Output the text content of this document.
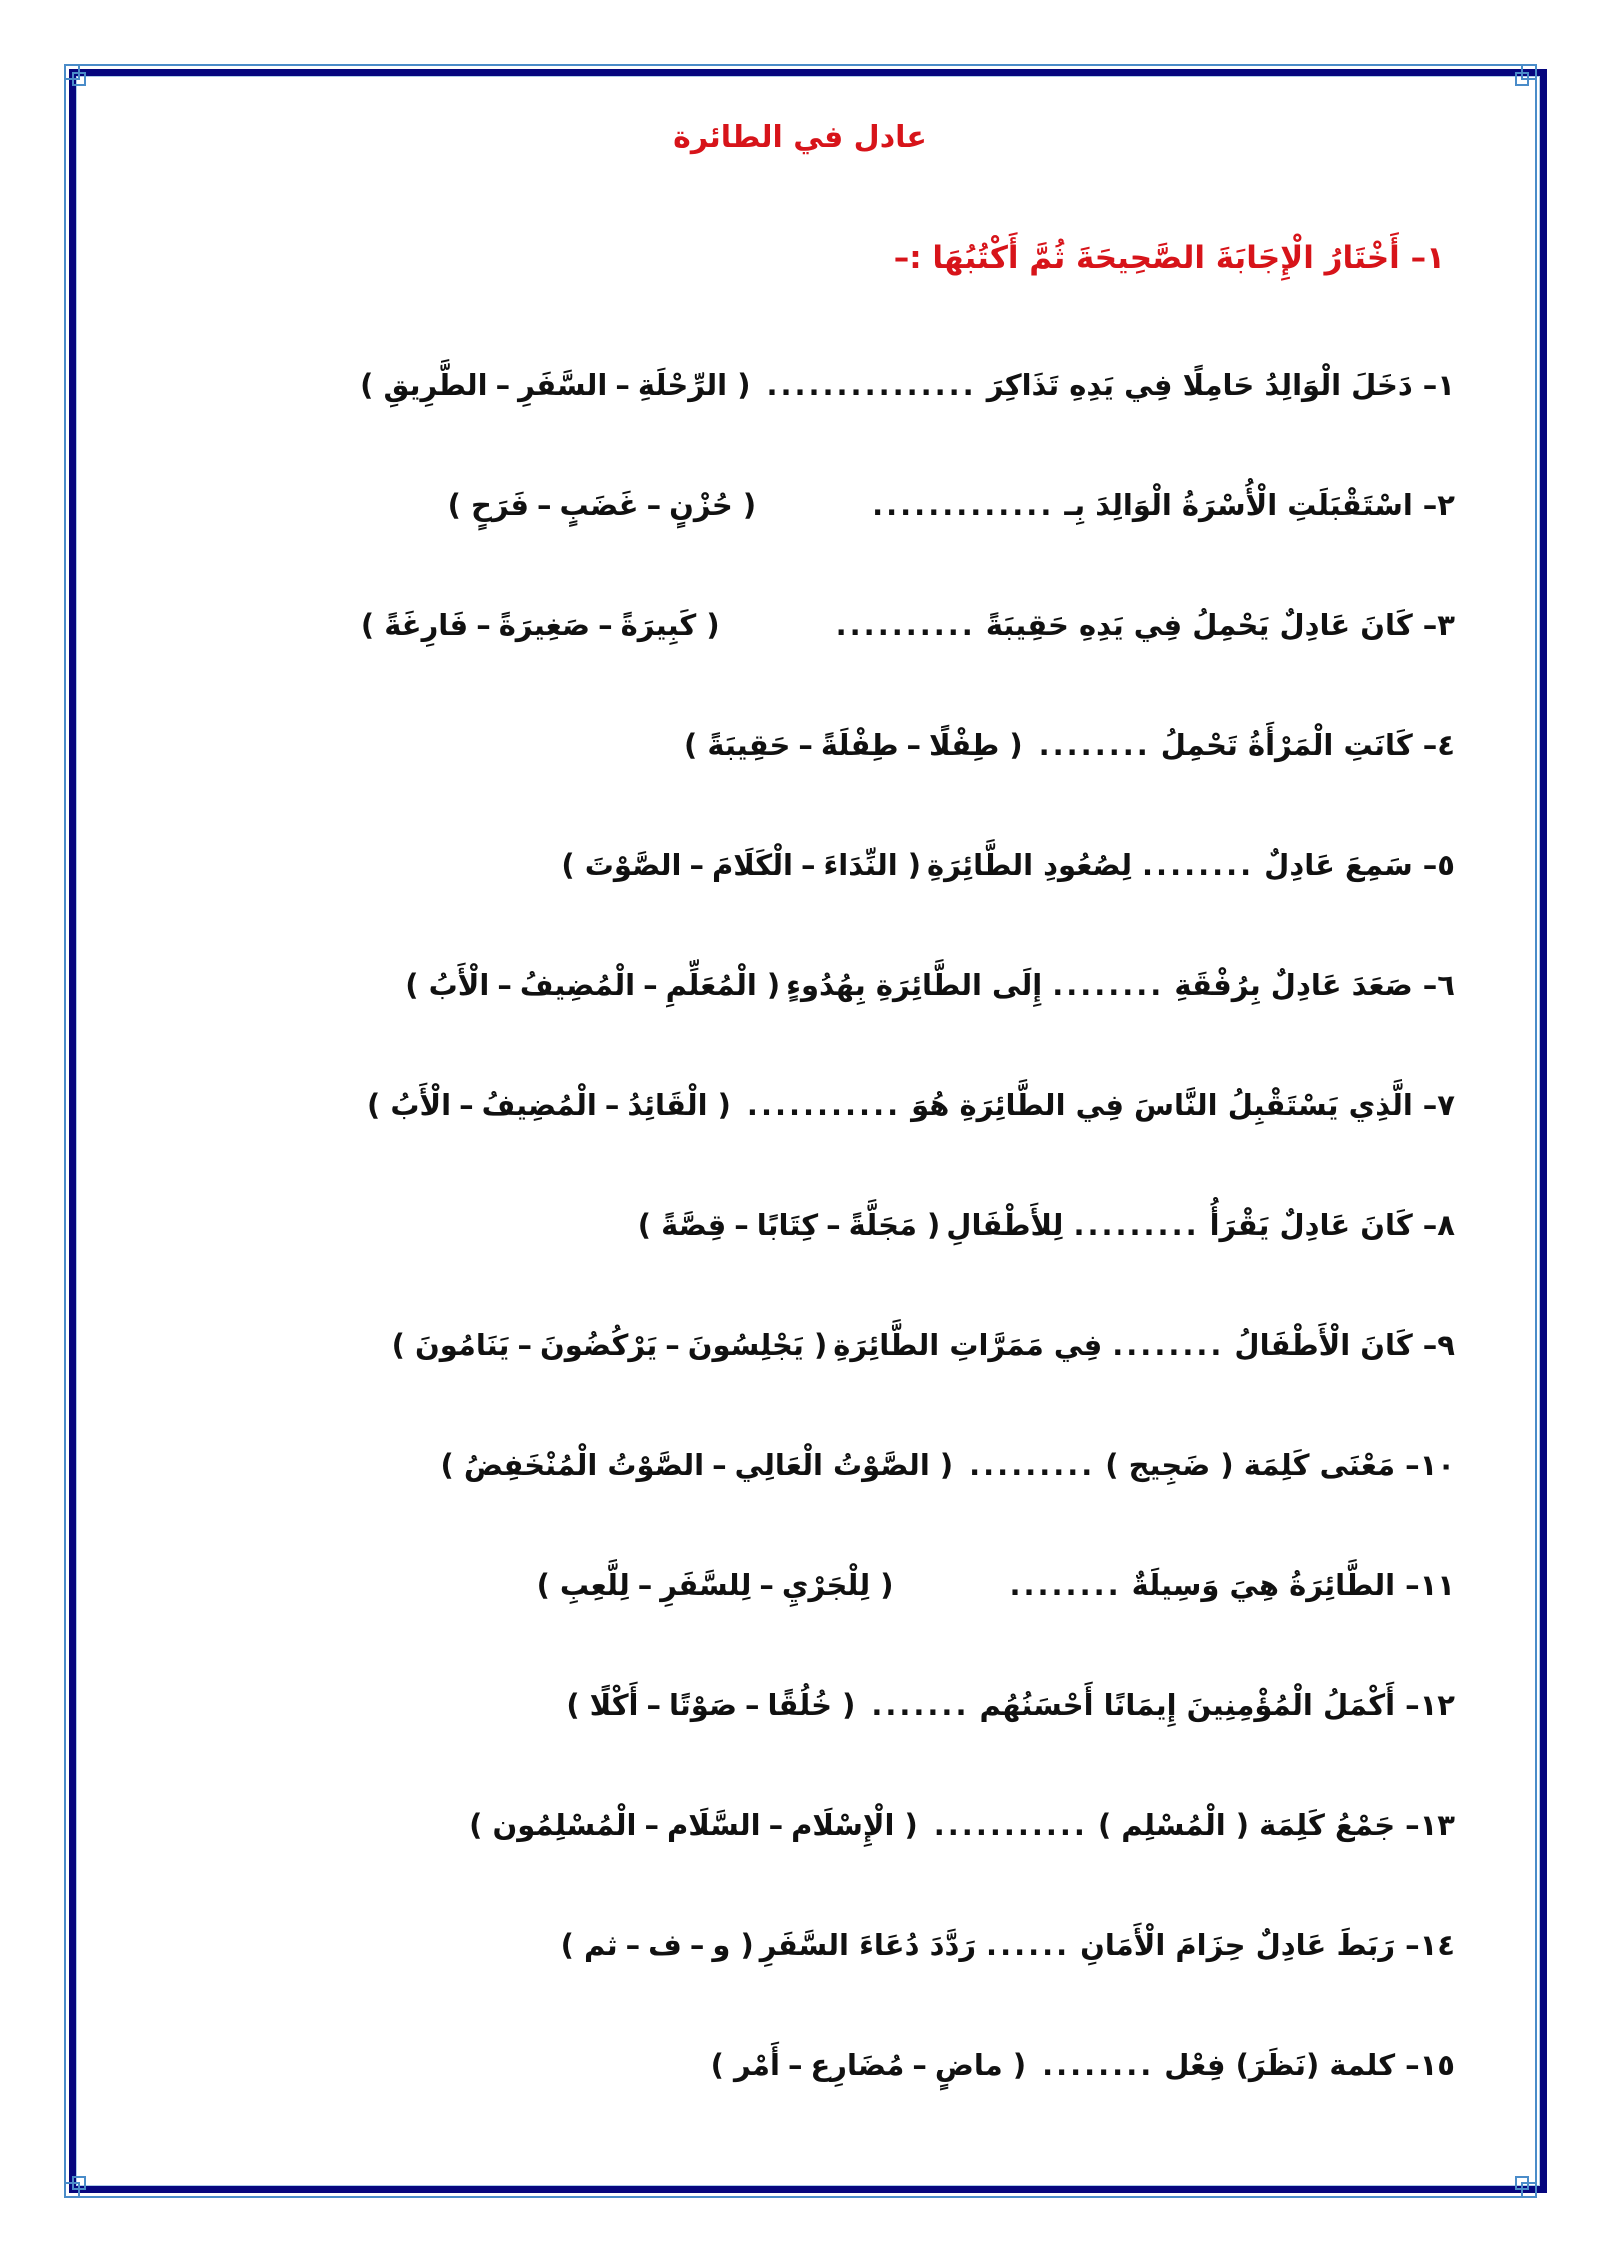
عادل في الطائرة
١– أَخْتَارُ الْإِجَابَةَ الصَّحِيحَةَ ثُمَّ أَكْتُبُهَا :–
١–
دَخَلَ الْوَالِدُ حَامِلًا فِي يَدِهِ تَذَاكِرَ
...............
( الرِّحْلَةِ–السَّفَرِ–الطَّرِيقِ )
٢–
اسْتَقْبَلَتِ الْأُسْرَةُ الْوَالِدَ بِـ
.............
( حُزْنٍ–غَضَبٍ–فَرَحٍ )
٣–
كَانَ عَادِلٌ يَحْمِلُ فِي يَدِهِ حَقِيبَةً
..........
( كَبِيرَةً–صَغِيرَةً–فَارِغَةً )
٤–
كَانَتِ الْمَرْأَةُ تَحْمِلُ
........
( طِفْلًا–طِفْلَةً–حَقِيبَةً )
٥–
سَمِعَ عَادِلٌ
........
لِصُعُودِ الطَّائِرَةِ
( النِّدَاءَ–الْكَلَامَ–الصَّوْتَ )
٦–
صَعَدَ عَادِلٌ بِرُفْقَةِ
........
إِلَى الطَّائِرَةِ بِهُدُوءٍ
( الْمُعَلِّمِ–الْمُضِيفُ–الْأَبُ )
٧–
الَّذِي يَسْتَقْبِلُ النَّاسَ فِي الطَّائِرَةِ هُوَ
...........
( الْقَائِدُ–الْمُضِيفُ–الْأَبُ )
٨–
كَانَ عَادِلٌ يَقْرَأُ
.........
لِلأَطْفَالِ
( مَجَلَّةً–كِتَابًا–قِصَّةً )
٩–
كَانَ الْأَطْفَالُ
........
فِي مَمَرَّاتِ الطَّائِرَةِ
( يَجْلِسُونَ–يَرْكُضُونَ–يَنَامُونَ )
١٠–
مَعْنَى كَلِمَة ( ضَجِيج )
.........
( الصَّوْتُ الْعَالِي–الصَّوْتُ الْمُنْخَفِضُ )
١١–
الطَّائِرَةُ هِيَ وَسِيلَةٌ
........
( لِلْجَرْيِ–لِلسَّفَرِ–لِلَّعِبِ )
١٢–
أَكْمَلُ الْمُؤْمِنِينَ إِيمَانًا أَحْسَنُهُم
.......
( خُلُقًا–صَوْتًا–أَكْلًا )
١٣–
جَمْعُ كَلِمَة ( الْمُسْلِم )
...........
( الْإِسْلَام–السَّلَام–الْمُسْلِمُون )
١٤–
رَبَطَ عَادِلٌ حِزَامَ الْأَمَانِ
......
رَدَّدَ دُعَاءَ السَّفَرِ
( و–ف–ثم )
١٥–
كلمة (نَظَرَ) فِعْل
........
( ماضٍ–مُضَارِع–أَمْر )
